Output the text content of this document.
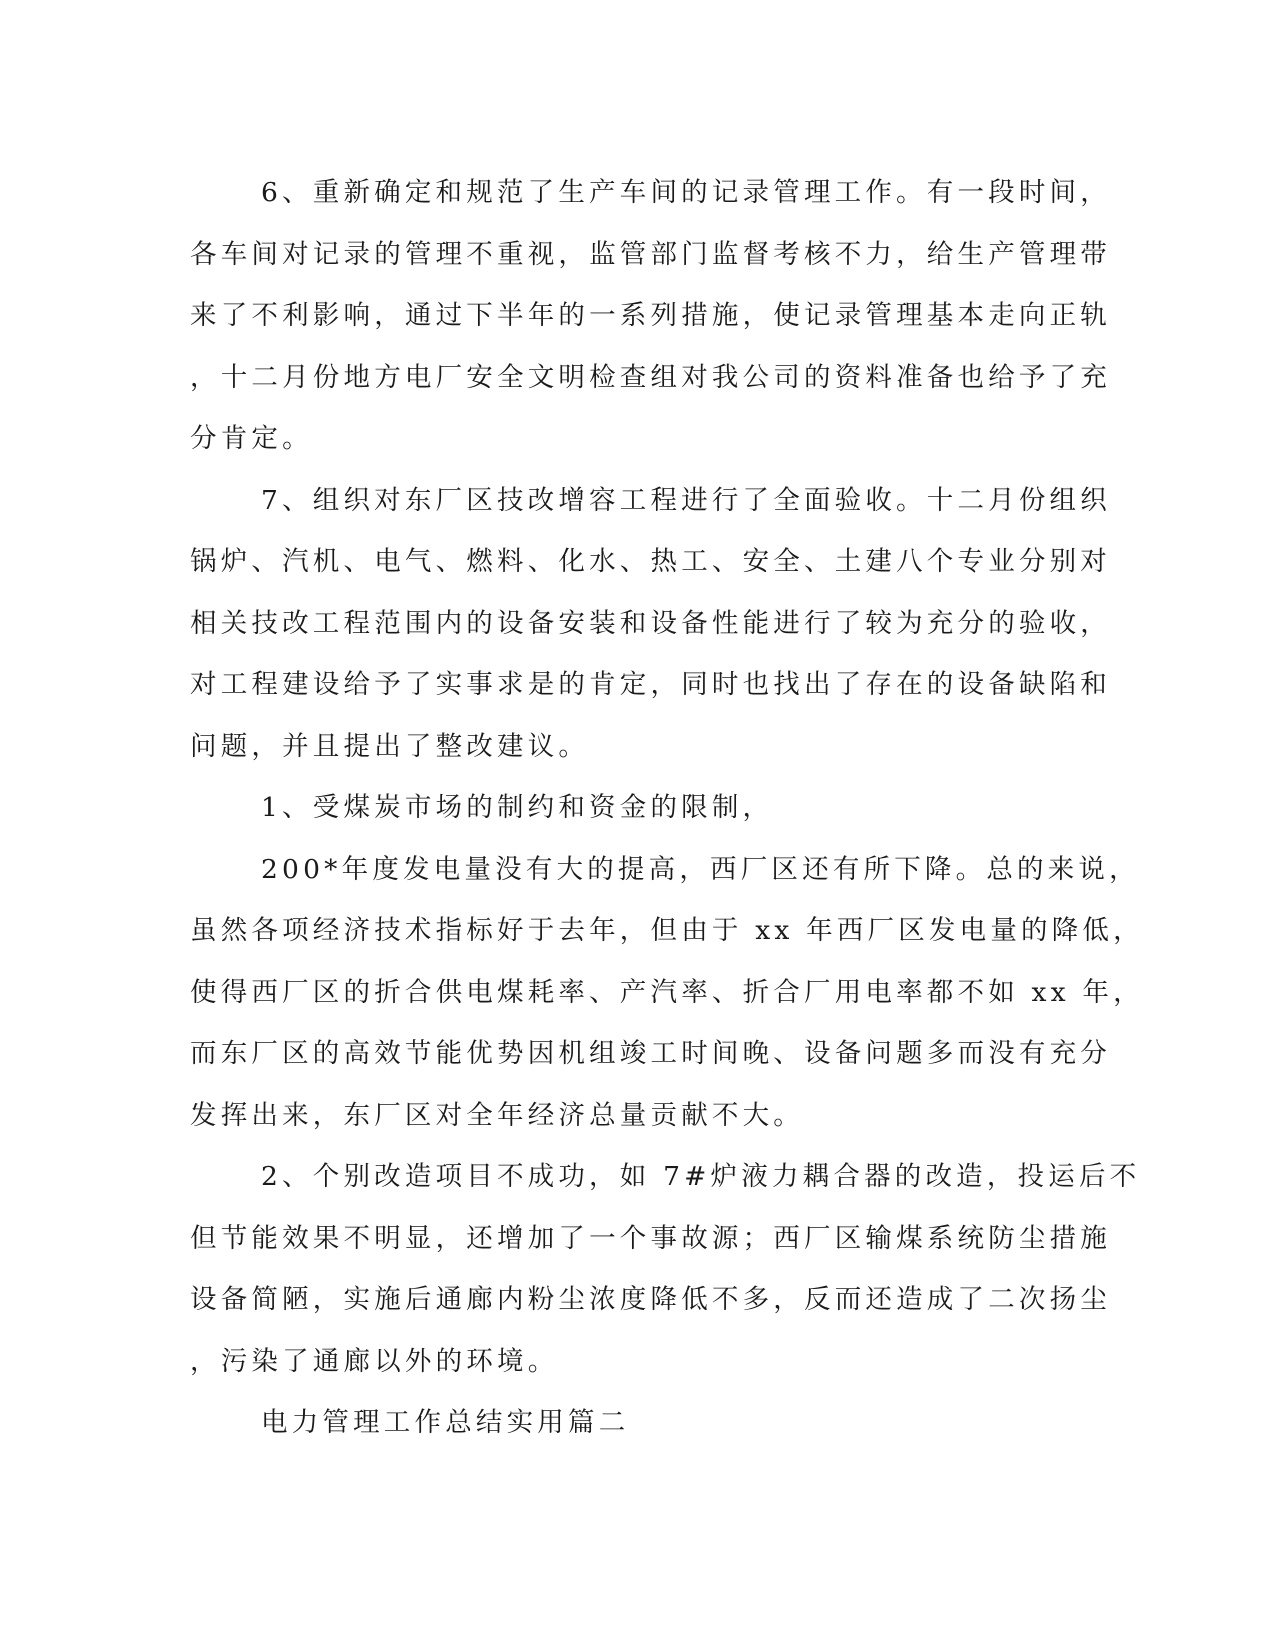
6、重新确定和规范了生产车间的记录管理工作。有一段时间，
各车间对记录的管理不重视，监管部门监督考核不力，给生产管理带
来了不利影响，通过下半年的一系列措施，使记录管理基本走向正轨
，十二月份地方电厂安全文明检查组对我公司的资料准备也给予了充
分肯定。
7、组织对东厂区技改增容工程进行了全面验收。十二月份组织
锅炉、汽机、电气、燃料、化水、热工、安全、土建八个专业分别对
相关技改工程范围内的设备安装和设备性能进行了较为充分的验收，
对工程建设给予了实事求是的肯定，同时也找出了存在的设备缺陷和
问题，并且提出了整改建议。
1、受煤炭市场的制约和资金的限制，
200*年度发电量没有大的提高，西厂区还有所下降。总的来说，
虽然各项经济技术指标好于去年，但由于 xx 年西厂区发电量的降低，
使得西厂区的折合供电煤耗率、产汽率、折合厂用电率都不如 xx 年，
而东厂区的高效节能优势因机组竣工时间晚、设备问题多而没有充分
发挥出来，东厂区对全年经济总量贡献不大。
2、个别改造项目不成功，如 7#炉液力耦合器的改造，投运后不
但节能效果不明显，还增加了一个事故源；西厂区输煤系统防尘措施
设备简陋，实施后通廊内粉尘浓度降低不多，反而还造成了二次扬尘
，污染了通廊以外的环境。
电力管理工作总结实用篇二
